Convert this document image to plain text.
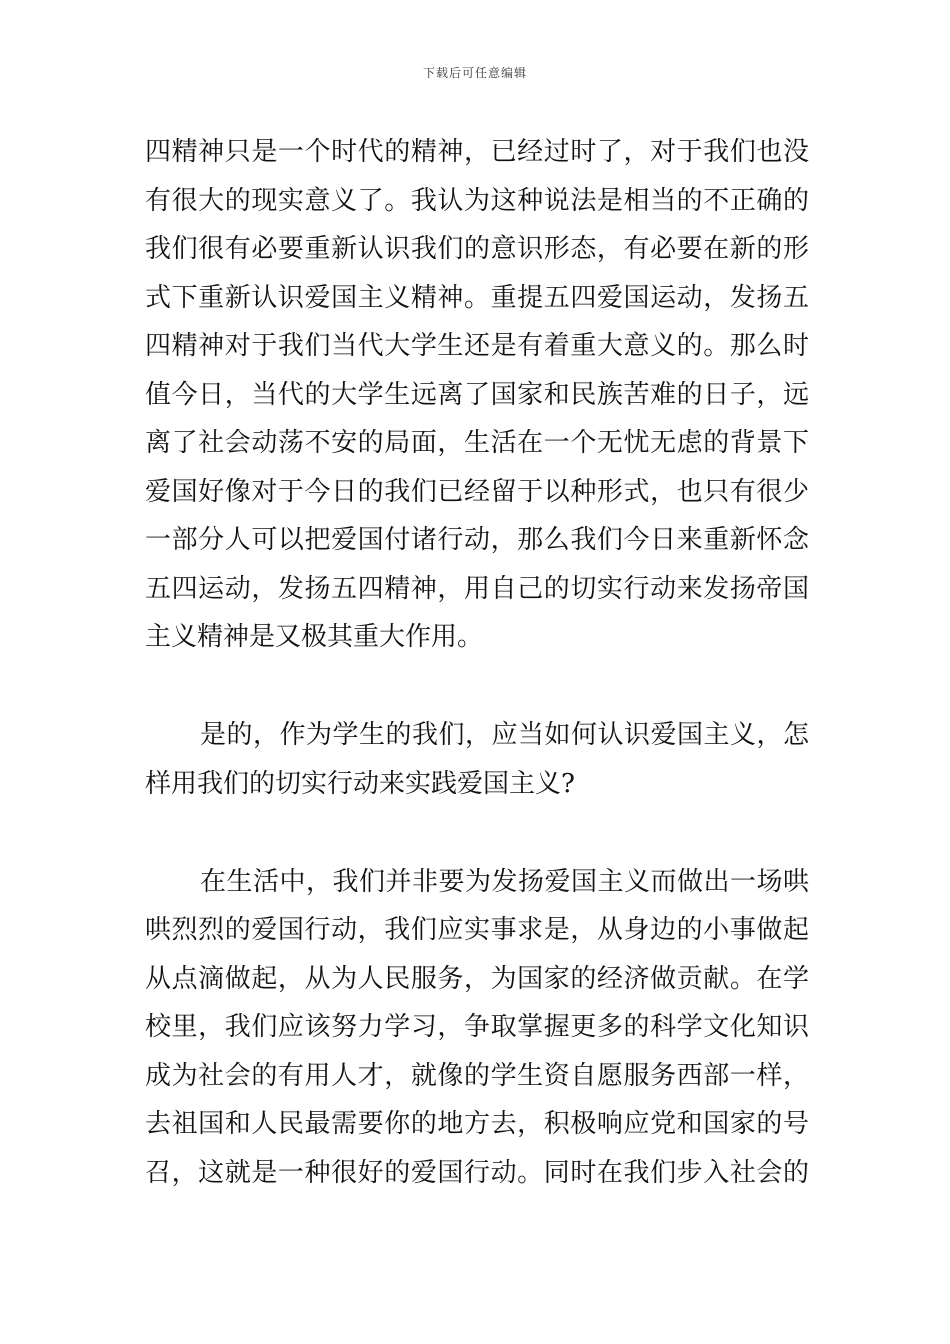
下载后可任意编辑
四精神只是一个时代的精神，已经过时了，对于我们也没
有很大的现实意义了。我认为这种说法是相当的不正确的
我们很有必要重新认识我们的意识形态，有必要在新的形
式下重新认识爱国主义精神。重提五四爱国运动，发扬五
四精神对于我们当代大学生还是有着重大意义的。那么时
值今日，当代的大学生远离了国家和民族苦难的日子，远
离了社会动荡不安的局面，生活在一个无忧无虑的背景下
爱国好像对于今日的我们已经留于以种形式，也只有很少
一部分人可以把爱国付诸行动，那么我们今日来重新怀念
五四运动，发扬五四精神，用自己的切实行动来发扬帝国
主义精神是又极其重大作用。
是的，作为学生的我们，应当如何认识爱国主义，怎
样用我们的切实行动来实践爱国主义?
在生活中，我们并非要为发扬爱国主义而做出一场哄
哄烈烈的爱国行动，我们应实事求是，从身边的小事做起
从点滴做起，从为人民服务，为国家的经济做贡献。在学
校里，我们应该努力学习，争取掌握更多的科学文化知识
成为社会的有用人才，就像的学生资自愿服务西部一样，
去祖国和人民最需要你的地方去，积极响应党和国家的号
召，这就是一种很好的爱国行动。同时在我们步入社会的
